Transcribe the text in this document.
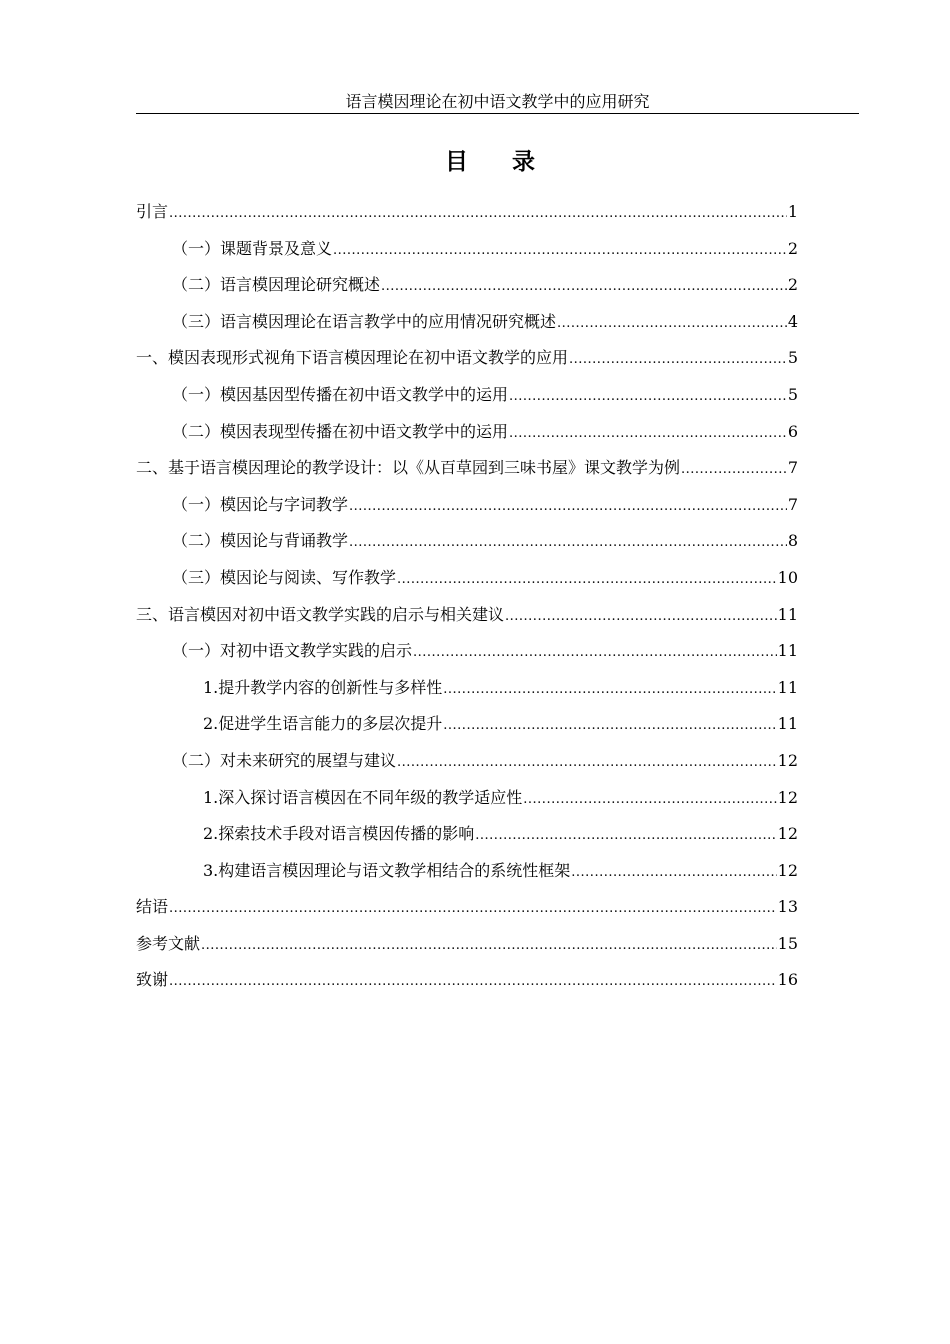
语言模因理论在初中语文教学中的应用研究
目 录
引言 .....	1
（一）课题背景及意义 .....	2
（二）语言模因理论研究概述 .....	2
（三）语言模因理论在语言教学中的应用情况研究概述 .....	4
一、模因表现形式视角下语言模因理论在初中语文教学的应用 .....	5
（一）模因基因型传播在初中语文教学中的运用 .....	5
（二）模因表现型传播在初中语文教学中的运用 .....	6
二、基于语言模因理论的教学设计：以《从百草园到三味书屋》课文教学为例 .....	7
（一）模因论与字词教学 .....	7
（二）模因论与背诵教学 .....	8
（三）模因论与阅读、写作教学 .....	10
三、语言模因对初中语文教学实践的启示与相关建议 .....	11
（一）对初中语文教学实践的启示 .....	11
1.提升教学内容的创新性与多样性 .....	11
2.促进学生语言能力的多层次提升 .....	11
（二）对未来研究的展望与建议 .....	12
1.深入探讨语言模因在不同年级的教学适应性 .....	12
2.探索技术手段对语言模因传播的影响 .....	12
3.构建语言模因理论与语文教学相结合的系统性框架 .....	12
结语 .....	13
参考文献 .....	15
致谢 .....	16
